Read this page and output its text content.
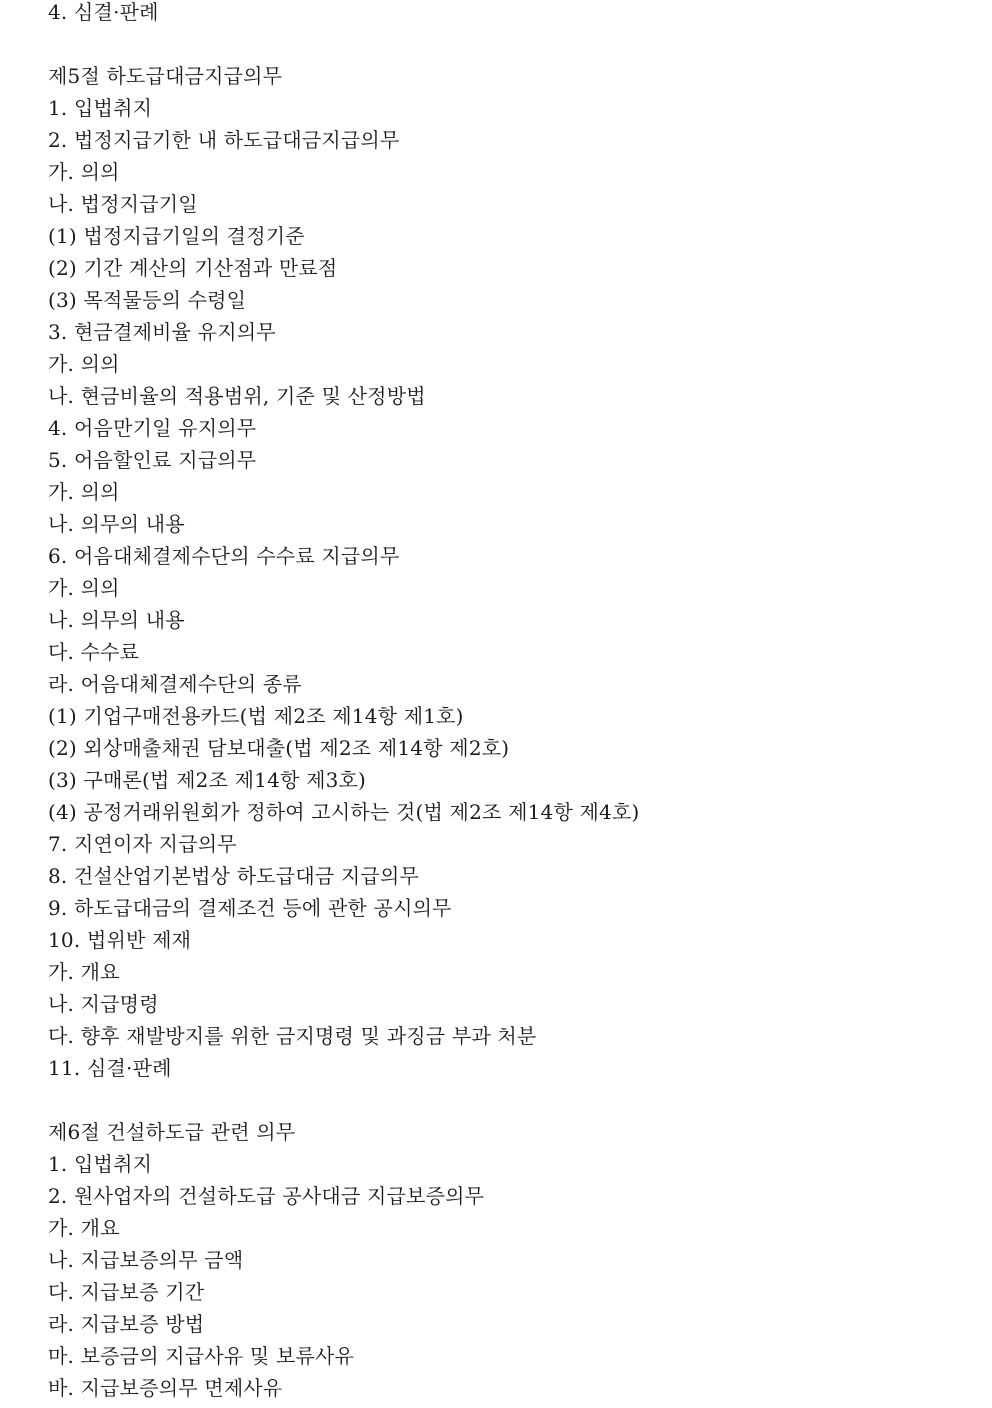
4. 심결·판례
제5절 하도급대금지급의무
1. 입법취지
2. 법정지급기한 내 하도급대금지급의무
가. 의의
나. 법정지급기일
(1) 법정지급기일의 결정기준
(2) 기간 계산의 기산점과 만료점
(3) 목적물등의 수령일
3. 현금결제비율 유지의무
가. 의의
나. 현금비율의 적용범위, 기준 및 산정방법
4. 어음만기일 유지의무
5. 어음할인료 지급의무
가. 의의
나. 의무의 내용
6. 어음대체결제수단의 수수료 지급의무
가. 의의
나. 의무의 내용
다. 수수료
라. 어음대체결제수단의 종류
(1) 기업구매전용카드(법 제2조 제14항 제1호)
(2) 외상매출채권 담보대출(법 제2조 제14항 제2호)
(3) 구매론(법 제2조 제14항 제3호)
(4) 공정거래위원회가 정하여 고시하는 것(법 제2조 제14항 제4호)
7. 지연이자 지급의무
8. 건설산업기본법상 하도급대금 지급의무
9. 하도급대금의 결제조건 등에 관한 공시의무
10. 법위반 제재
가. 개요
나. 지급명령
다. 향후 재발방지를 위한 금지명령 및 과징금 부과 처분
11. 심결·판례
제6절 건설하도급 관련 의무
1. 입법취지
2. 원사업자의 건설하도급 공사대금 지급보증의무
가. 개요
나. 지급보증의무 금액
다. 지급보증 기간
라. 지급보증 방법
마. 보증금의 지급사유 및 보류사유
바. 지급보증의무 면제사유
